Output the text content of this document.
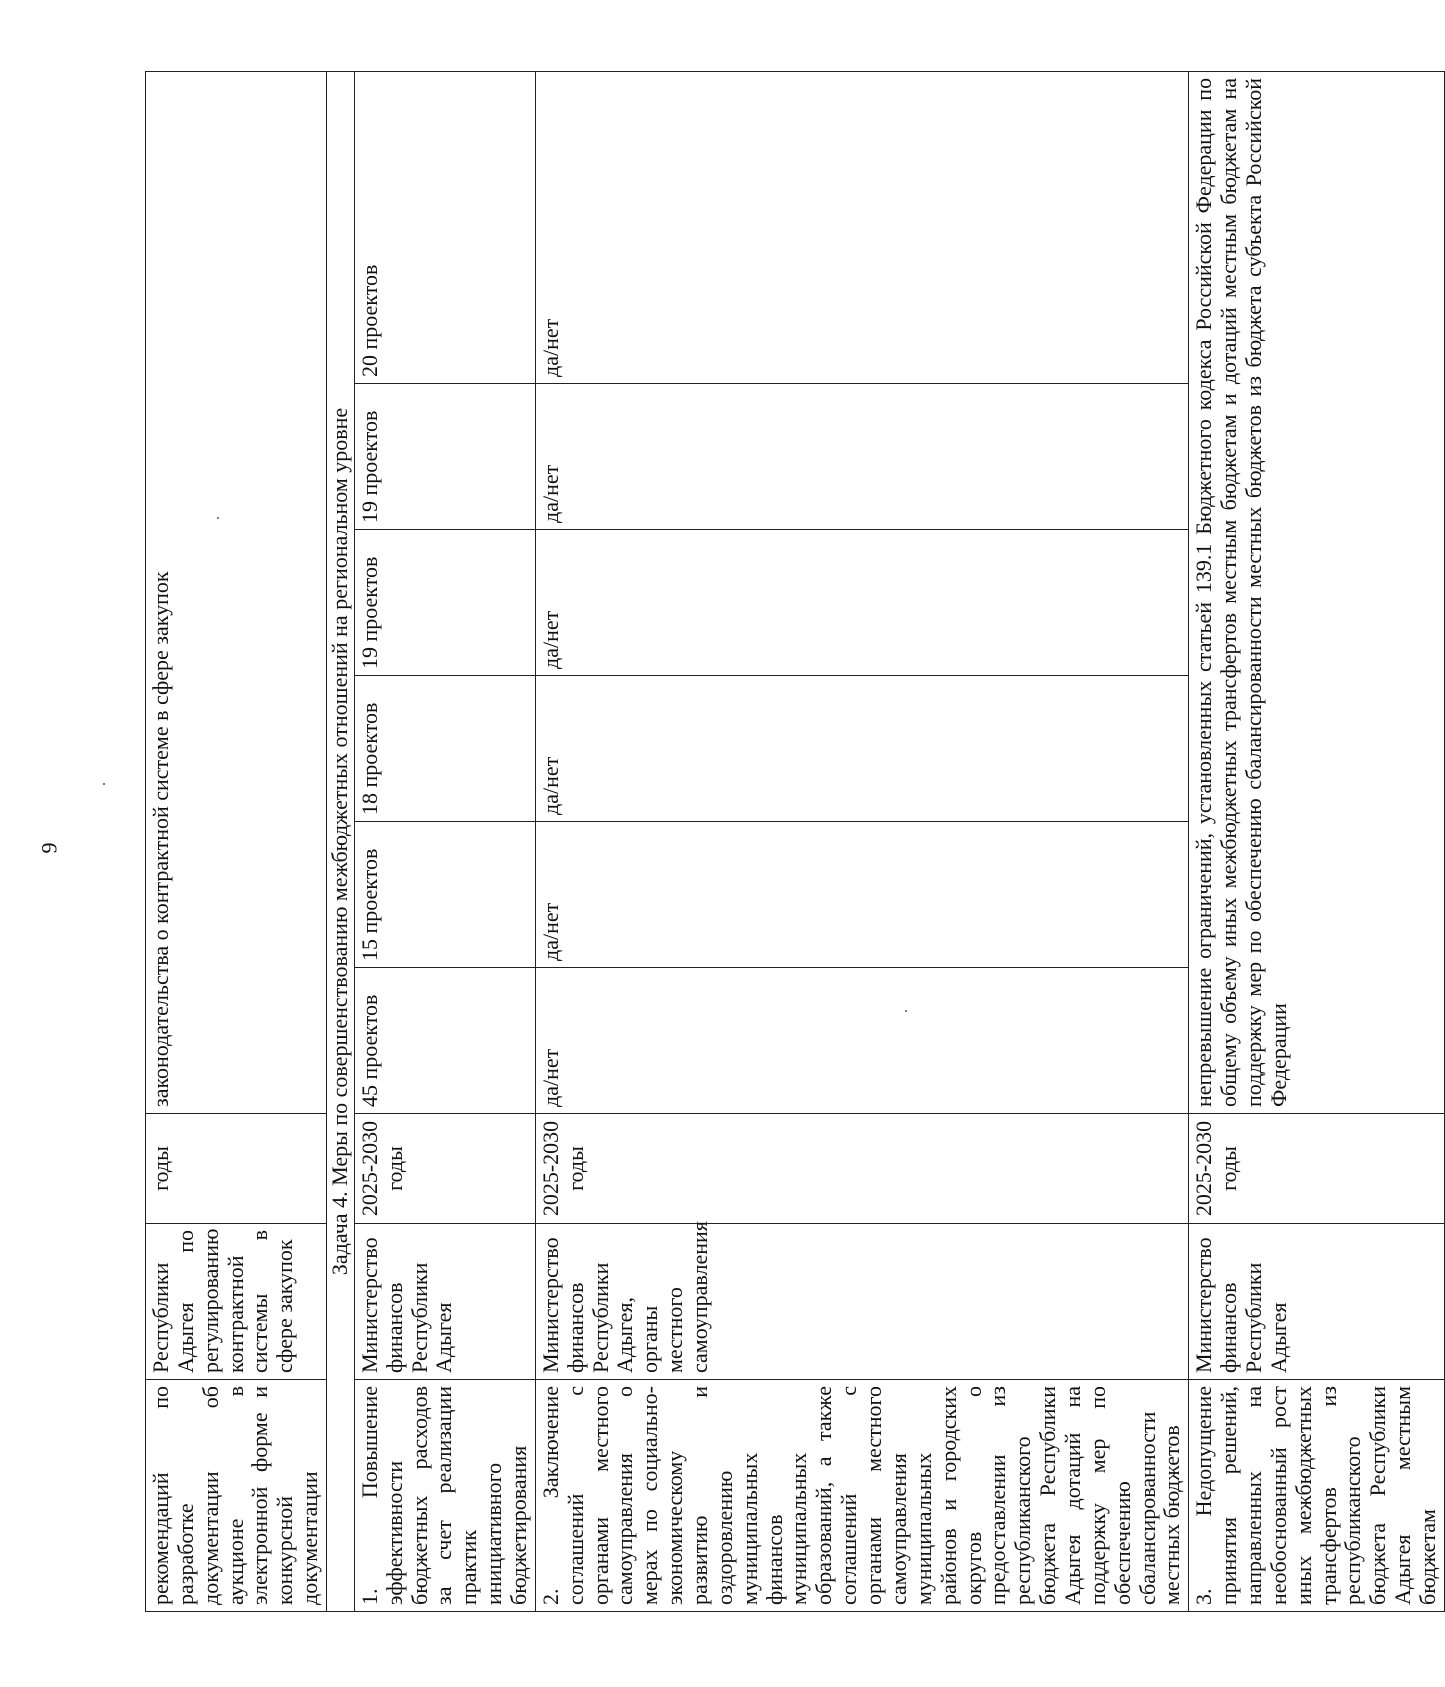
9
рекомендаций по разработке документации об аукционе в электронной форме и конкурсной документации	Республики Адыгея по регулированию контрактной системы в сфере закупок	годы	законодательства о контрактной системе в сфере закупок					

Задача 4. Меры по совершенствованию межбюджетных отношений на региональном уровне								

1. Повышение эффективности бюджетных расходов за счет реализации практик инициативного бюджетирования	Министерство финансов Республики Адыгея	2025-2030 годы	45 проектов	15 проектов	18 проектов	19 проектов	19 проектов	20 проектов

2. Заключение соглашений с органами местного самоуправления о мерах по социально-экономическому развитию и оздоровлению муниципальных финансов муниципальных образований, а также соглашений с органами местного самоуправления муниципальных районов и городских округов о предоставлении из республиканского бюджета Республики Адыгея дотаций на поддержку мер по обеспечению сбалансированности местных бюджетов	Министерство финансов Республики Адыгея, органы местного самоуправления	2025-2030 годы	да/нет	да/нет	да/нет	да/нет	да/нет	да/нет

3. Недопущение принятия решений, направленных на необоснованный рост иных межбюджетных трансфертов из республиканского бюджета Республики Адыгея местным бюджетам	Министерство финансов Республики Адыгея	2025-2030 годы	непревышение ограничений, установленных статьей 139.1 Бюджетного кодекса Российской Федерации по общему объему иных межбюджетных трансфертов местным бюджетам и дотаций местным бюджетам на поддержку мер по обеспечению сбалансированности местных бюджетов из бюджета субъекта Российской Федерации					
